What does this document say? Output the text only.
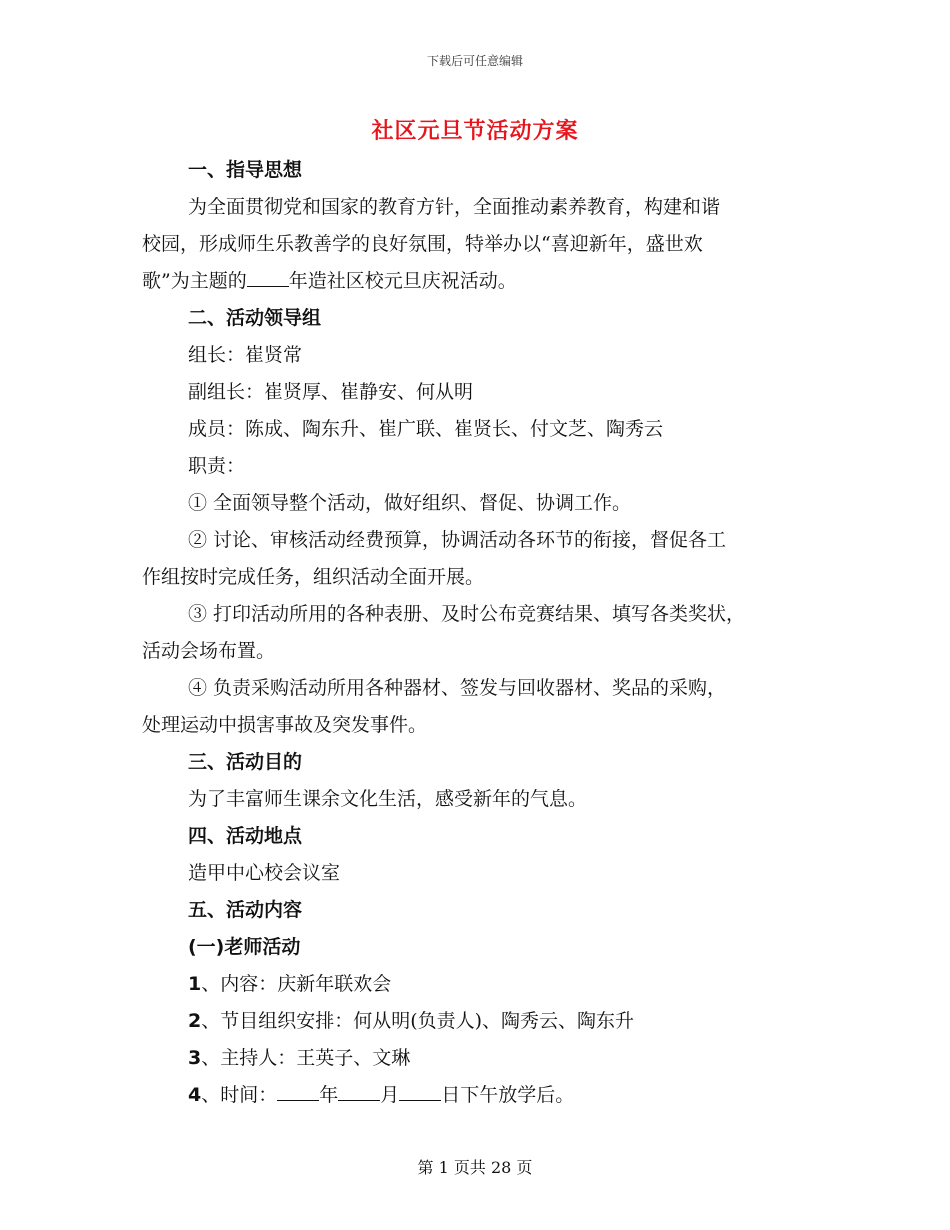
下载后可任意编辑
社区元旦节活动方案
一、指导思想
为全面贯彻党和国家的教育方针，全面推动素养教育，构建和谐
校园，形成师生乐教善学的良好氛围，特举办以“喜迎新年，盛世欢
歌”为主题的 年造社区校元旦庆祝活动。
二、活动领导组
组长：崔贤常
副组长：崔贤厚、崔静安、何从明
成员：陈成、陶东升、崔广联、崔贤长、付文芝、陶秀云
职责：
① 全面领导整个活动，做好组织、督促、协调工作。
② 讨论、审核活动经费预算，协调活动各环节的衔接，督促各工
作组按时完成任务，组织活动全面开展。
③ 打印活动所用的各种表册、及时公布竞赛结果、填写各类奖状，
活动会场布置。
④ 负责采购活动所用各种器材、签发与回收器材、奖品的采购，
处理运动中损害事故及突发事件。
三、活动目的
为了丰富师生课余文化生活，感受新年的气息。
四、活动地点
造甲中心校会议室
五、活动内容
(一)老师活动
1、内容：庆新年联欢会
2、节目组织安排：何从明(负责人)、陶秀云、陶东升
3、主持人：王英子、文琳
4、时间： 年 月 日下午放学后。
第 1 页共 28 页
